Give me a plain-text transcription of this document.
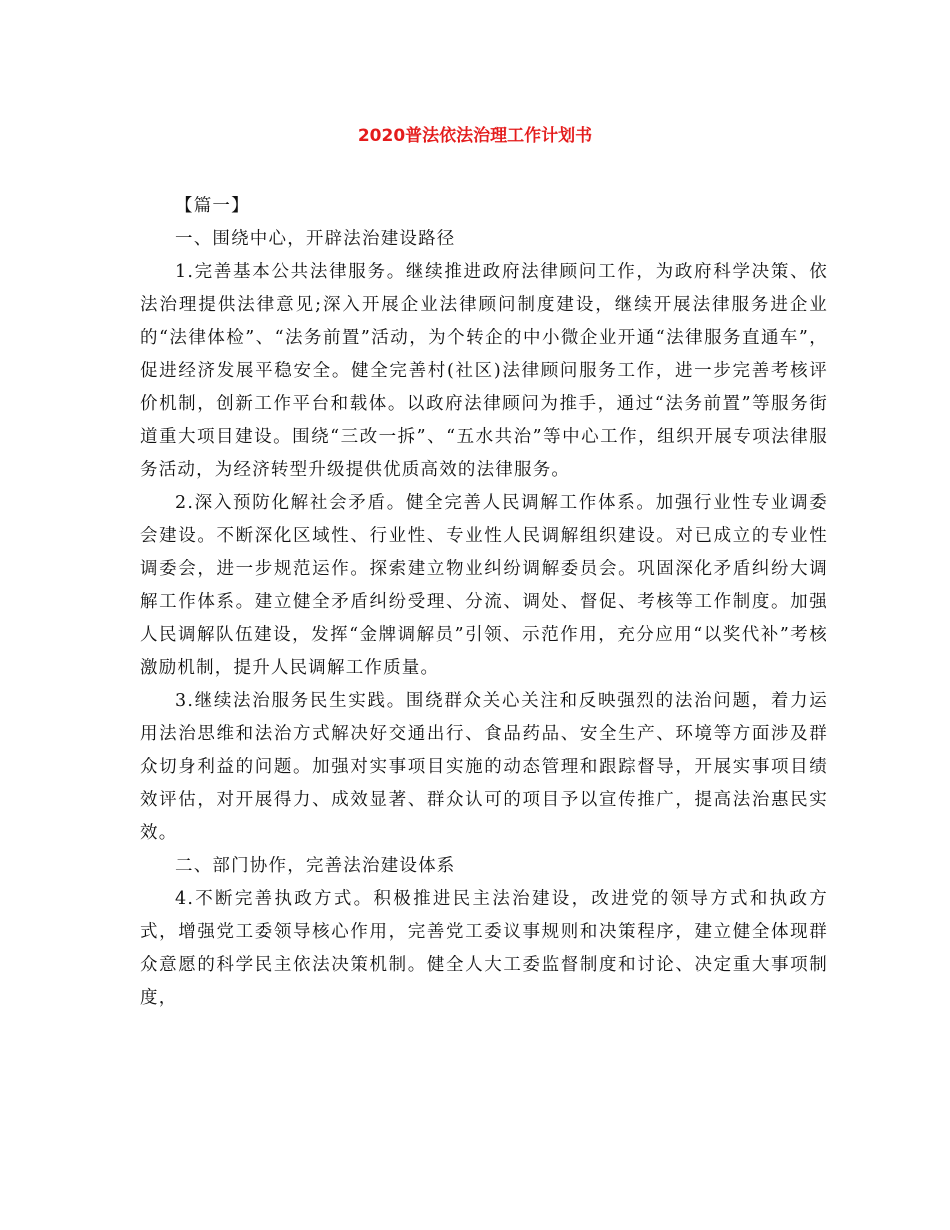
2020普法依法治理工作计划书

【篇一】

一、围绕中心，开辟法治建设路径

1.完善基本公共法律服务。继续推进政府法律顾问工作，为政府科学决策、依法治理提供法律意见;深入开展企业法律顾问制度建设，继续开展法律服务进企业的“法律体检”、“法务前置”活动，为个转企的中小微企业开通“法律服务直通车”，促进经济发展平稳安全。健全完善村(社区)法律顾问服务工作，进一步完善考核评价机制，创新工作平台和载体。以政府法律顾问为推手，通过“法务前置”等服务街道重大项目建设。围绕“三改一拆”、“五水共治”等中心工作，组织开展专项法律服务活动，为经济转型升级提供优质高效的法律服务。

2.深入预防化解社会矛盾。健全完善人民调解工作体系。加强行业性专业调委会建设。不断深化区域性、行业性、专业性人民调解组织建设。对已成立的专业性调委会，进一步规范运作。探索建立物业纠纷调解委员会。巩固深化矛盾纠纷大调解工作体系。建立健全矛盾纠纷受理、分流、调处、督促、考核等工作制度。加强人民调解队伍建设，发挥“金牌调解员”引领、示范作用，充分应用“以奖代补”考核激励机制，提升人民调解工作质量。

3.继续法治服务民生实践。围绕群众关心关注和反映强烈的法治问题，着力运用法治思维和法治方式解决好交通出行、食品药品、安全生产、环境等方面涉及群众切身利益的问题。加强对实事项目实施的动态管理和跟踪督导，开展实事项目绩效评估，对开展得力、成效显著、群众认可的项目予以宣传推广，提高法治惠民实效。

二、部门协作，完善法治建设体系

4.不断完善执政方式。积极推进民主法治建设，改进党的领导方式和执政方式，增强党工委领导核心作用，完善党工委议事规则和决策程序，建立健全体现群众意愿的科学民主依法决策机制。健全人大工委监督制度和讨论、决定重大事项制度，
